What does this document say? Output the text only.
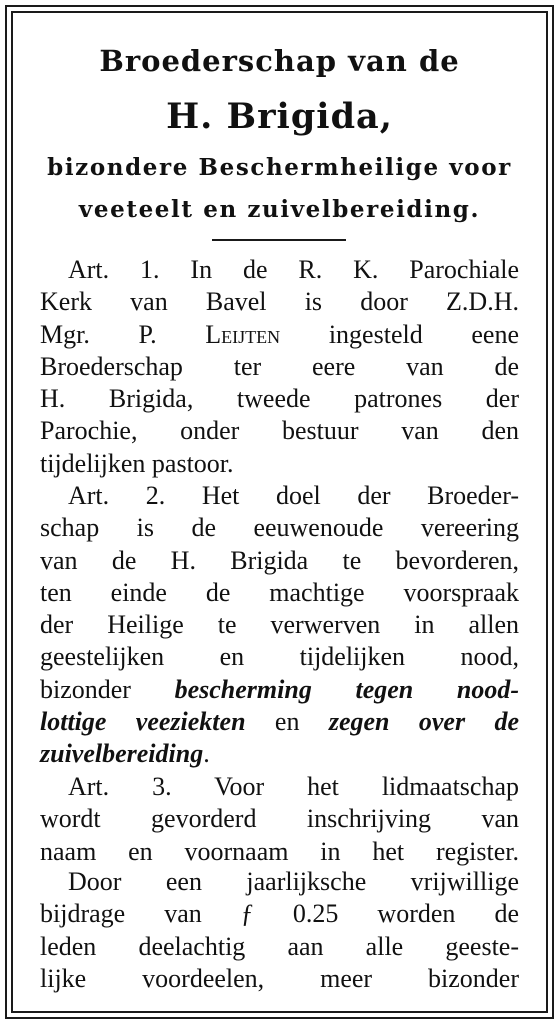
Broederschap van de
H. Brigida,
bizondere Beschermheilige voor
veeteelt en zuivelbereiding.
Art. 1. In de R. K. Parochiale
Kerk van Bavel is door Z.D.H.
Mgr. P. Leijten ingesteld eene
Broederschap ter eere van de
H. Brigida, tweede patrones der
Parochie, onder bestuur van den
tijdelijken pastoor.
Art. 2. Het doel der Broeder-
schap is de eeuwenoude vereering
van de H. Brigida te bevorderen,
ten einde de machtige voorspraak
der Heilige te verwerven in allen
geestelijken en tijdelijken nood,
bizonder bescherming tegen nood-
lottige veeziekten en zegen over de
zuivelbereiding.
Art. 3. Voor het lidmaatschap
wordt gevorderd inschrijving van
naam en voornaam in het register.
Door een jaarlijksche vrijwillige
bijdrage van ƒ 0.25 worden de
leden deelachtig aan alle geeste-
lijke voordeelen, meer bizonder
